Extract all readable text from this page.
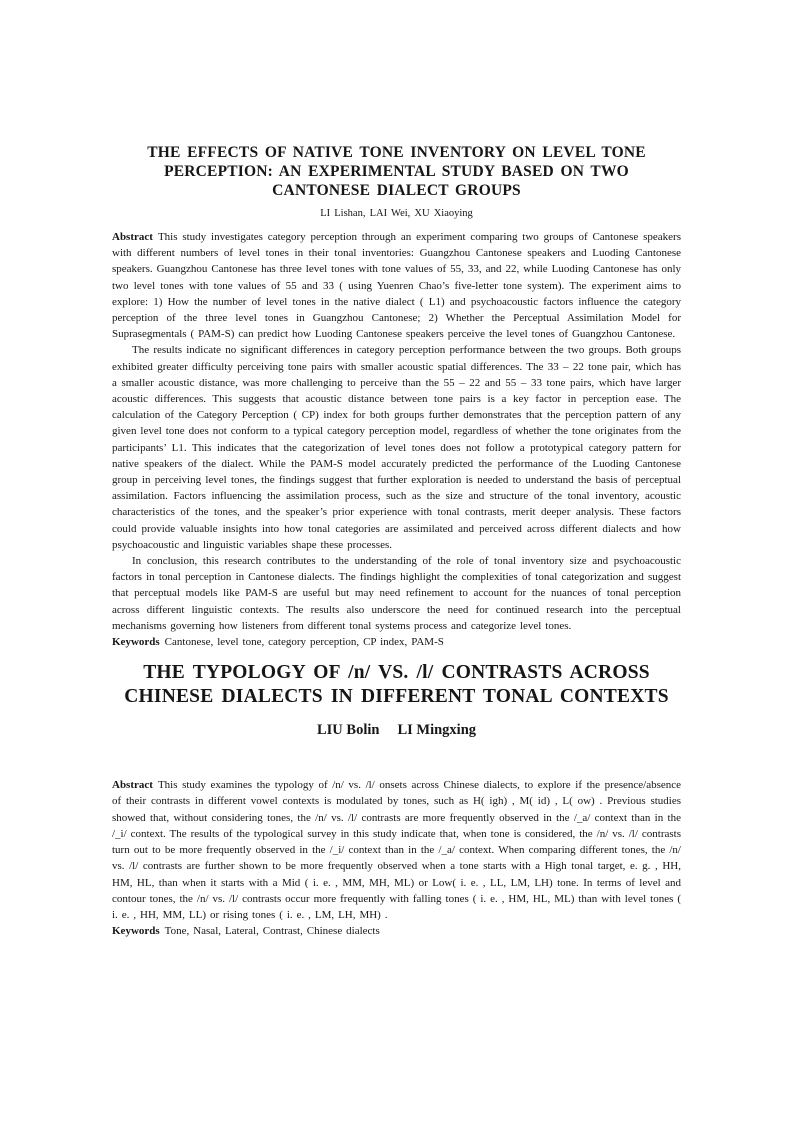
THE EFFECTS OF NATIVE TONE INVENTORY ON LEVEL TONE
PERCEPTION: AN EXPERIMENTAL STUDY BASED ON TWO
CANTONESE DIALECT GROUPS
LI Lishan, LAI Wei, XU Xiaoying

Abstract This study investigates category perception through an experiment comparing two groups of Cantonese speakers with different numbers of level tones in their tonal inventories: Guangzhou Cantonese speakers and Luoding Cantonese speakers. Guangzhou Cantonese has three level tones with tone values of 55, 33, and 22, while Luoding Cantonese has only two level tones with tone values of 55 and 33 ( using Yuenren Chao’s five-letter tone system). The experiment aims to explore: 1) How the number of level tones in the native dialect ( L1) and psychoacoustic factors influence the category perception of the three level tones in Guangzhou Cantonese; 2) Whether the Perceptual Assimilation Model for Suprasegmentals ( PAM-S) can predict how Luoding Cantonese speakers perceive the level tones of Guangzhou Cantonese.

The results indicate no significant differences in category perception performance between the two groups. Both groups exhibited greater difficulty perceiving tone pairs with smaller acoustic spatial differences. The 33 – 22 tone pair, which has a smaller acoustic distance, was more challenging to perceive than the 55 – 22 and 55 – 33 tone pairs, which have larger acoustic differences. This suggests that acoustic distance between tone pairs is a key factor in perception ease. The calculation of the Category Perception ( CP) index for both groups further demonstrates that the perception pattern of any given level tone does not conform to a typical category perception model, regardless of whether the tone originates from the participants’ L1. This indicates that the categorization of level tones does not follow a prototypical category pattern for native speakers of the dialect. While the PAM-S model accurately predicted the performance of the Luoding Cantonese group in perceiving level tones, the findings suggest that further exploration is needed to understand the basis of perceptual assimilation. Factors influencing the assimilation process, such as the size and structure of the tonal inventory, acoustic characteristics of the tones, and the speaker’s prior experience with tonal contrasts, merit deeper analysis. These factors could provide valuable insights into how tonal categories are assimilated and perceived across different dialects and how psychoacoustic and linguistic variables shape these processes.

In conclusion, this research contributes to the understanding of the role of tonal inventory size and psychoacoustic factors in tonal perception in Cantonese dialects. The findings highlight the complexities of tonal categorization and suggest that perceptual models like PAM-S are useful but may need refinement to account for the nuances of tonal perception across different linguistic contexts. The results also underscore the need for continued research into the perceptual mechanisms governing how listeners from different tonal systems process and categorize level tones.

Keywords Cantonese, level tone, category perception, CP index, PAM-S

THE TYPOLOGY OF /n/ VS. /l/ CONTRASTS ACROSS
CHINESE DIALECTS IN DIFFERENT TONAL CONTEXTS
LIU Bolin LI Mingxing

Abstract This study examines the typology of /n/ vs. /l/ onsets across Chinese dialects, to explore if the presence/absence of their contrasts in different vowel contexts is modulated by tones, such as H( igh) , M( id) , L( ow) . Previous studies showed that, without considering tones, the /n/ vs. /l/ contrasts are more frequently observed in the /_a/ context than in the /_i/ context. The results of the typological survey in this study indicate that, when tone is considered, the /n/ vs. /l/ contrasts turn out to be more frequently observed in the /_i/ context than in the /_a/ context. When comparing different tones, the /n/ vs. /l/ contrasts are further shown to be more frequently observed when a tone starts with a High tonal target, e. g. , HH, HM, HL, than when it starts with a Mid ( i. e. , MM, MH, ML) or Low( i. e. , LL, LM, LH) tone. In terms of level and contour tones, the /n/ vs. /l/ contrasts occur more frequently with falling tones ( i. e. , HM, HL, ML) than with level tones ( i. e. , HH, MM, LL) or rising tones ( i. e. , LM, LH, MH) .

Keywords Tone, Nasal, Lateral, Contrast, Chinese dialects
